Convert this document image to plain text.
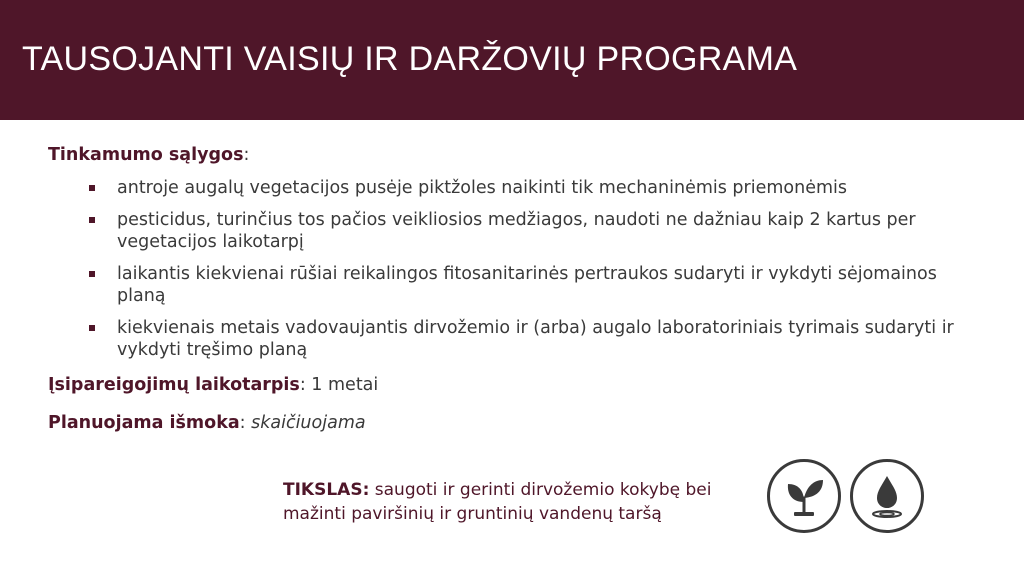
TAUSOJANTI VAISIŲ IR DARŽOVIŲ PROGRAMA
Tinkamumo sąlygos:
antroje augalų vegetacijos pusėje piktžoles naikinti tik mechaninėmis priemonėmis
pesticidus, turinčius tos pačios veikliosios medžiagos, naudoti ne dažniau kaip 2 kartus per vegetacijos laikotarpį
laikantis kiekvienai rūšiai reikalingos fitosanitarinės pertraukos sudaryti ir vykdyti sėjomainos planą
kiekvienais metais vadovaujantis dirvožemio ir (arba) augalo laboratoriniais tyrimais sudaryti ir vykdyti tręšimo planą
Įsipareigojimų laikotarpis: 1 metai
Planuojama išmoka: skaičiuojama
TIKSLAS: saugoti ir gerinti dirvožemio kokybę bei mažinti paviršinių ir gruntinių vandenų taršą
